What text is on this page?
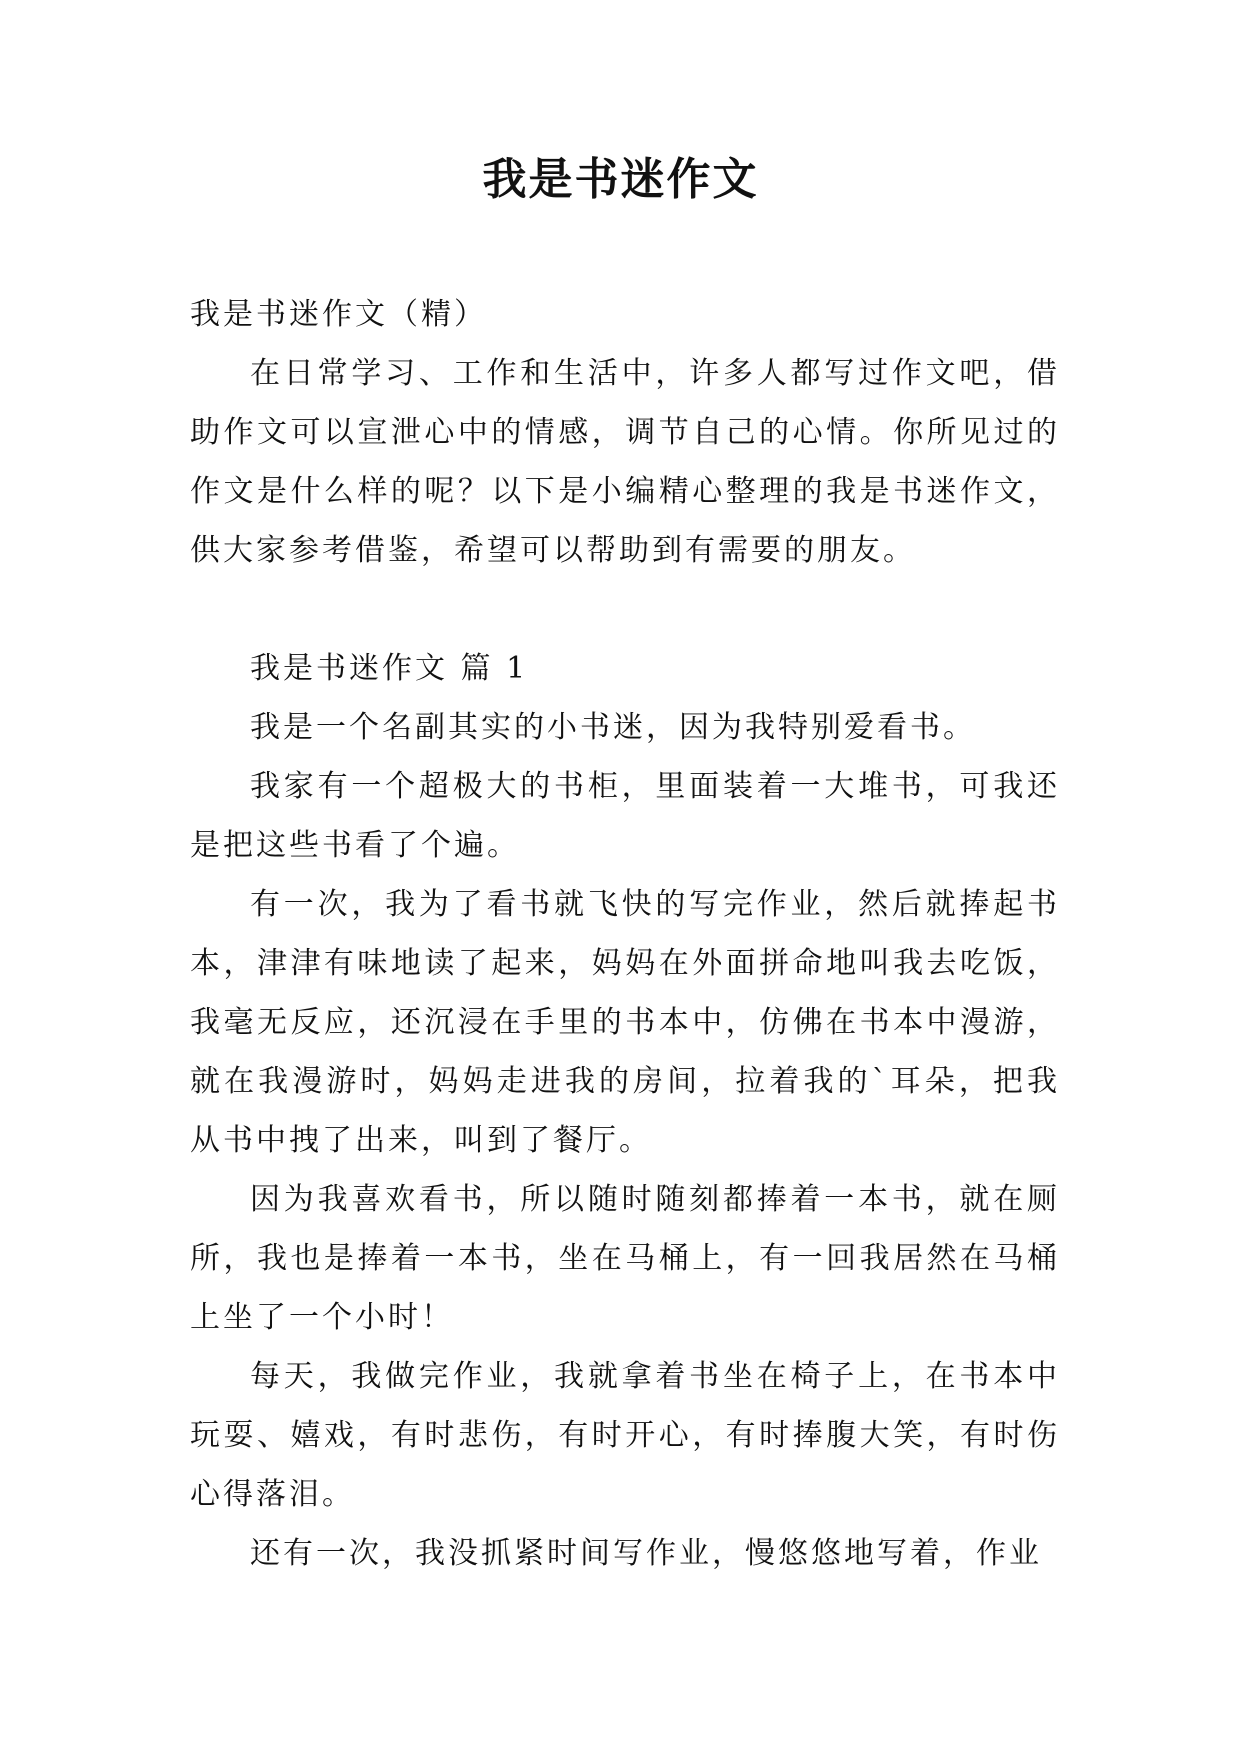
我是书迷作文

我是书迷作文（精）

在日常学习、工作和生活中，许多人都写过作文吧，借助作文可以宣泄心中的情感，调节自己的心情。你所见过的作文是什么样的呢？以下是小编精心整理的我是书迷作文，供大家参考借鉴，希望可以帮助到有需要的朋友。

我是书迷作文 篇 1

我是一个名副其实的小书迷，因为我特别爱看书。

我家有一个超极大的书柜，里面装着一大堆书，可我还是把这些书看了个遍。

有一次，我为了看书就飞快的写完作业，然后就捧起书本，津津有味地读了起来，妈妈在外面拼命地叫我去吃饭，我毫无反应，还沉浸在手里的书本中，仿佛在书本中漫游，就在我漫游时，妈妈走进我的房间，拉着我的`耳朵，把我从书中拽了出来，叫到了餐厅。

因为我喜欢看书，所以随时随刻都捧着一本书，就在厕所，我也是捧着一本书，坐在马桶上，有一回我居然在马桶上坐了一个小时！

每天，我做完作业，我就拿着书坐在椅子上，在书本中玩耍、嬉戏，有时悲伤，有时开心，有时捧腹大笑，有时伤心得落泪。

还有一次，我没抓紧时间写作业，慢悠悠地写着，作业
